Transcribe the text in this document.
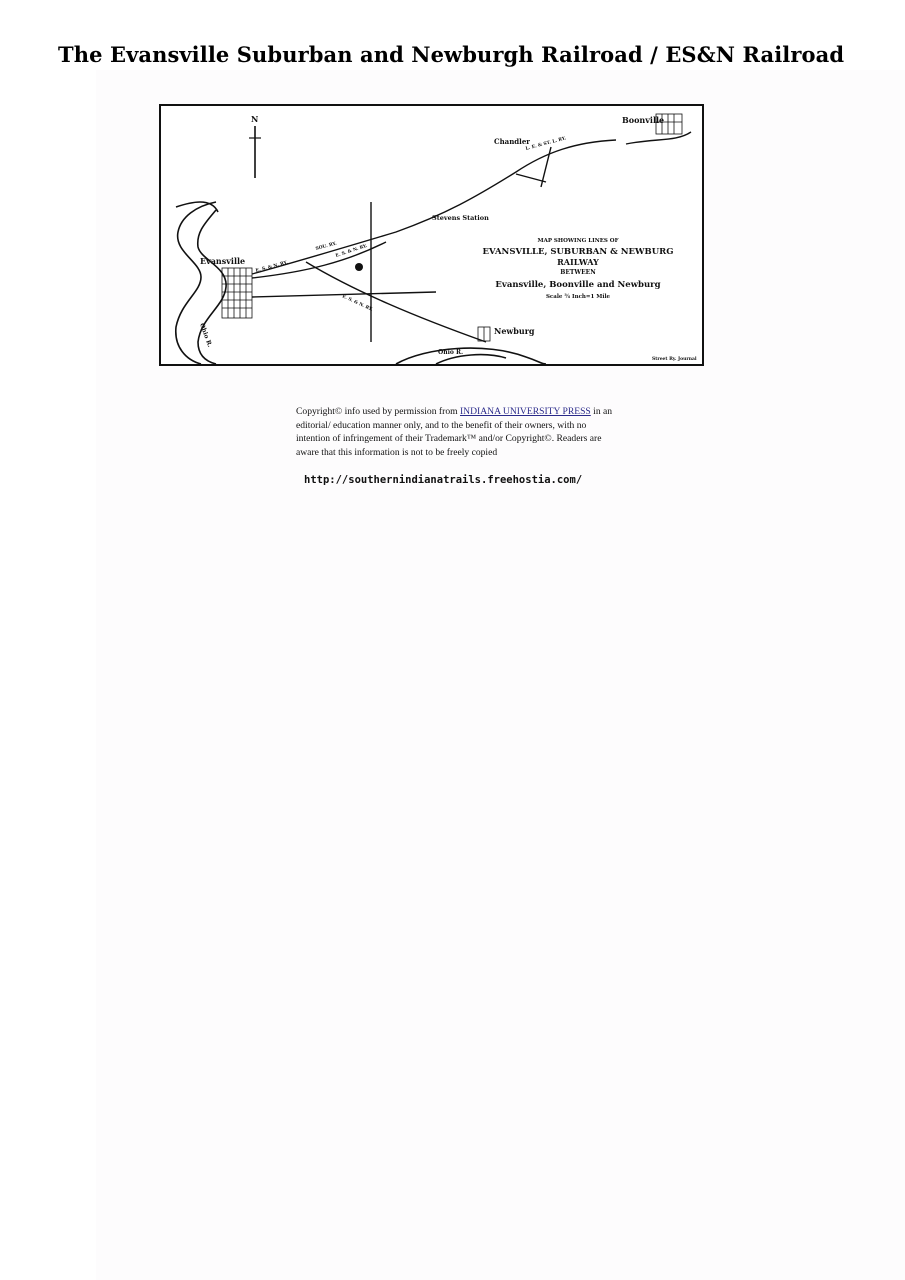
The Evansville Suburban and Newburgh Railroad / ES&N Railroad
N
Evansville
Boonville
Chandler
Stevens Station
Newburg
Ohio R.
Ohio R.
E. S. & N. RY.
E. S. & N. RY.
SOU. RY.
L. E. & ST. L. RY.
E. S. & N. RY.
MAP SHOWING LINES OF
EVANSVILLE, SUBURBAN & NEWBURG
RAILWAY
BETWEEN
Evansville, Boonville and Newburg
Scale ¾ Inch=1 Mile
Street Ry. Journal
Copyright© info used by permission from INDIANA UNIVERSITY PRESS in an editorial/ education manner only, and to the benefit of their owners, with no intention of infringement of their Trademark™ and/or Copyright©. Readers are aware that this information is not to be freely copied
http://southernindianatrails.freehostia.com/
